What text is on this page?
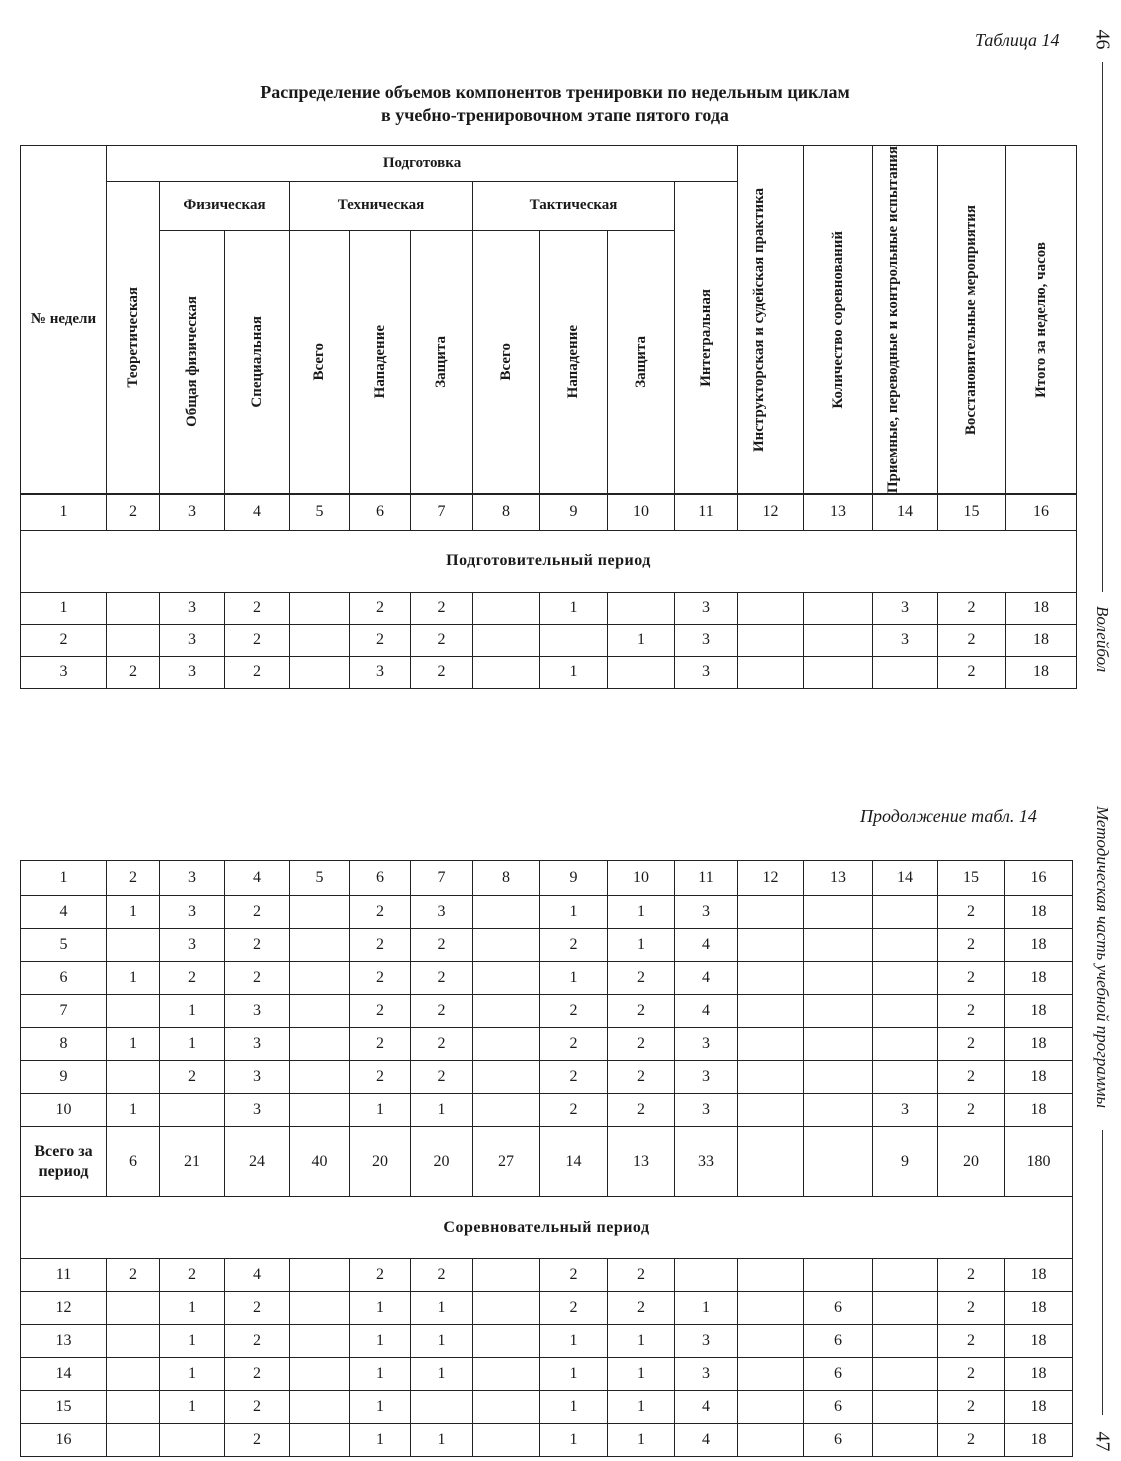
Таблица 14 46
Волейбол
Методическая часть учебной программы
47
Распределение объемов компонентов тренировки по недельным циклам
в учебно-тренировочном этапе пятого года
№ недели	Подготовка										Инструкторская и судейская практика	Количество соревнований	Приемные, переводные и контрольные испытания	Восстановительные мероприятия	Итого за неделю, часов

	Теоретическая	Физическая		Техническая			Тактическая			Интегральная					

		Общая физическая	Специальная	Всего	Нападение	Защита	Всего	Нападение	Защита						

1	2	3	4	5	6	7	8	9	10	11	12	13	14	15	16
Подготовительный период															
1		3	2		2	2		1		3			3	2	18
2		3	2		2	2			1	3			3	2	18
3	2	3	2		3	2		1		3				2	18
Продолжение табл. 14
1	2	3	4	5	6	7	8	9	10	11	12	13	14	15	16
4	1	3	2		2	3		1	1	3				2	18
5		3	2		2	2		2	1	4				2	18
6	1	2	2		2	2		1	2	4				2	18
7		1	3		2	2		2	2	4				2	18
8	1	1	3		2	2		2	2	3				2	18
9		2	3		2	2		2	2	3				2	18
10	1		3		1	1		2	2	3			3	2	18
Всего за период	6	21	24	40	20	20	27	14	13	33			9	20	180
Соревновательный период															
11	2	2	4		2	2		2	2					2	18
12		1	2		1	1		2	2	1		6		2	18
13		1	2		1	1		1	1	3		6		2	18
14		1	2		1	1		1	1	3		6		2	18
15		1	2		1			1	1	4		6		2	18
16			2		1	1		1	1	4		6		2	18
